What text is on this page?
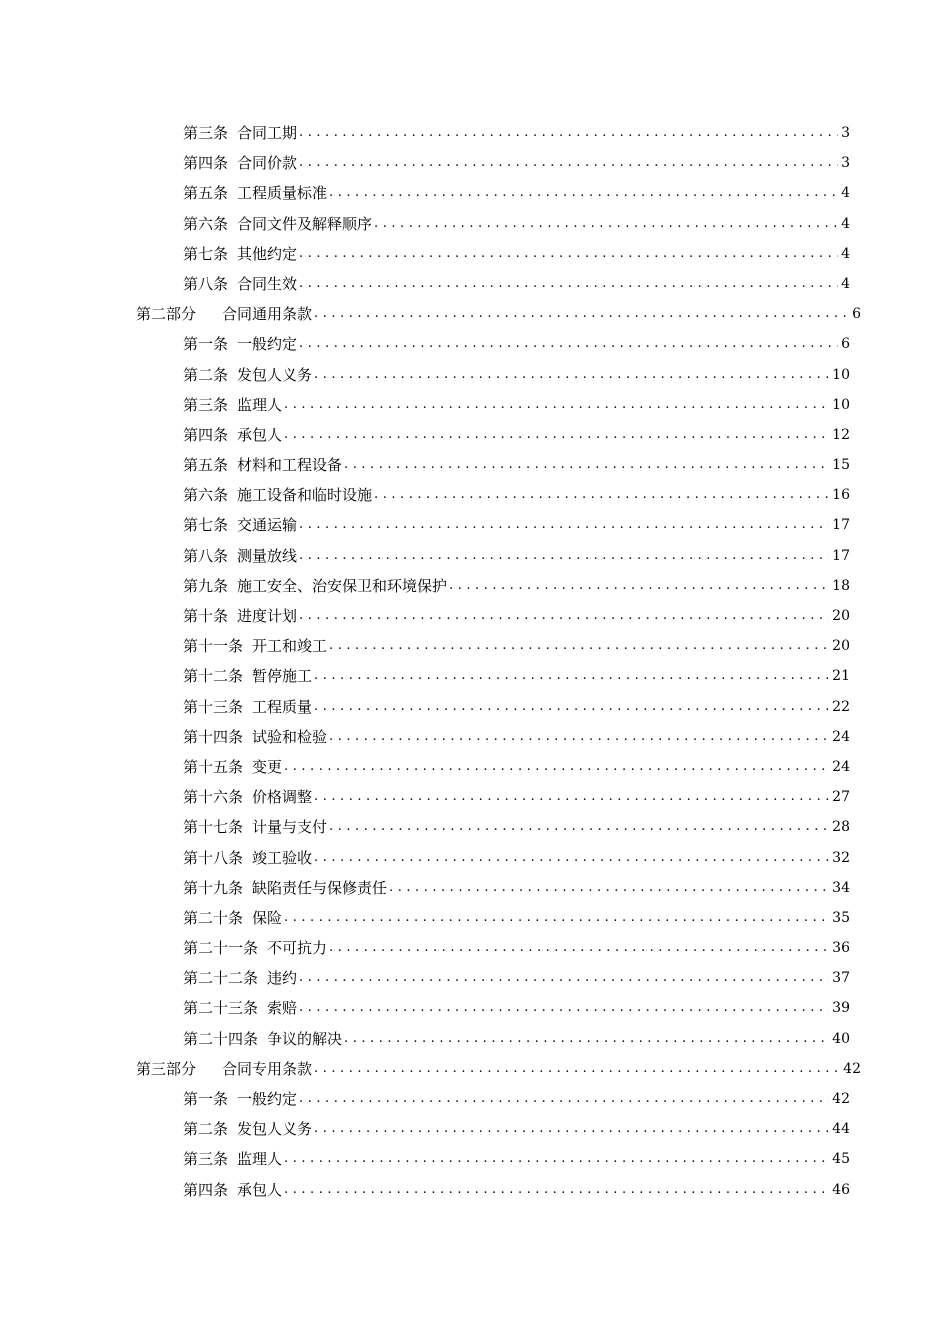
第三条 合同工期 . . .	3
第四条 合同价款 . . .	3
第五条 工程质量标准 . . .	4
第六条 合同文件及解释顺序 . . .	4
第七条 其他约定 . . .	4
第八条 合同生效 . . .	4
第二部分 合同通用条款 . . .	6
第一条 一般约定 . . .	6
第二条 发包人义务 . . .	10
第三条 监理人 . . .	10
第四条 承包人 . . .	12
第五条 材料和工程设备 . . .	15
第六条 施工设备和临时设施 . . .	16
第七条 交通运输 . . .	17
第八条 测量放线 . . .	17
第九条 施工安全、治安保卫和环境保护 . . .	18
第十条 进度计划 . . .	20
第十一条 开工和竣工 . . .	20
第十二条 暂停施工 . . .	21
第十三条 工程质量 . . .	22
第十四条 试验和检验 . . .	24
第十五条 变更 . . .	24
第十六条 价格调整 . . .	27
第十七条 计量与支付 . . .	28
第十八条 竣工验收 . . .	32
第十九条 缺陷责任与保修责任 . . .	34
第二十条 保险 . . .	35
第二十一条 不可抗力 . . .	36
第二十二条 违约 . . .	37
第二十三条 索赔 . . .	39
第二十四条 争议的解决 . . .	40
第三部分 合同专用条款 . . .	42
第一条 一般约定 . . .	42
第二条 发包人义务 . . .	44
第三条 监理人 . . .	45
第四条 承包人 . . .	46
